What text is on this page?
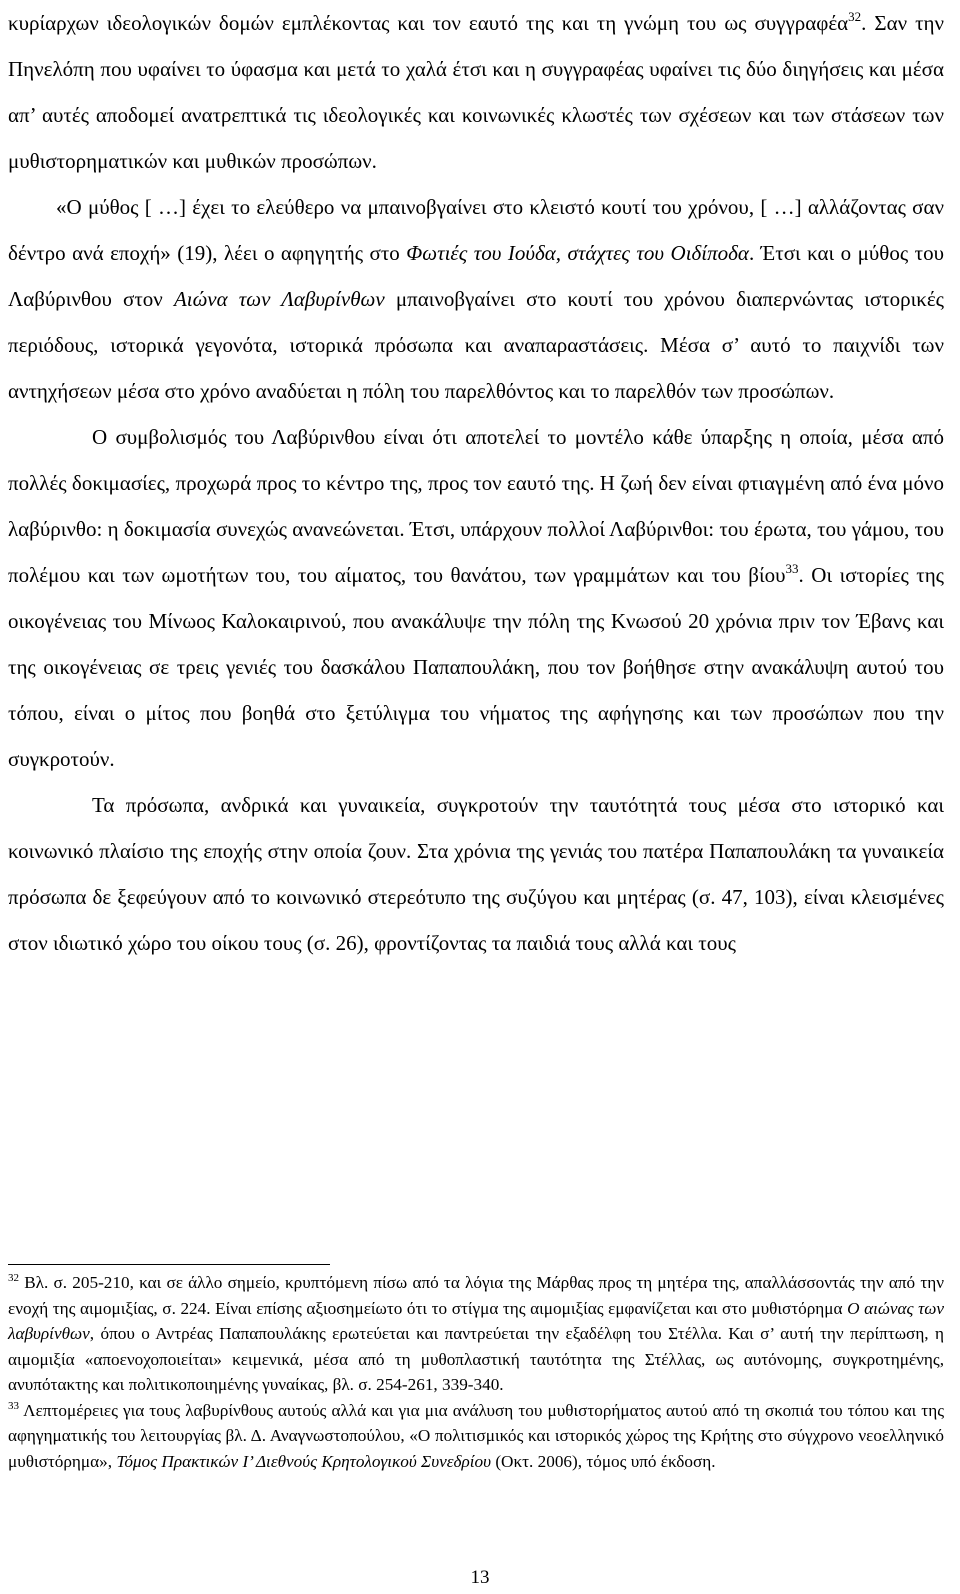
κυρίαρχων ιδεολογικών δομών εμπλέκοντας και τον εαυτό της και τη γνώμη του ως συγγραφέα$^{32}$. Σαν την Πηνελόπη που υφαίνει το ύφασμα και μετά το χαλά έτσι και η συγγραφέας υφαίνει τις δύο διηγήσεις και μέσα απ’ αυτές αποδομεί ανατρεπτικά τις ιδεολογικές και κοινωνικές κλωστές των σχέσεων και των στάσεων των μυθιστορηματικών και μυθικών προσώπων.

«Ο μύθος [ …] έχει το ελεύθερο να μπαινοβγαίνει στο κλειστό κουτί του χρόνου, [ …] αλλάζοντας σαν δέντρο ανά εποχή» (19), λέει ο αφηγητής στο Φωτιές του Ιούδα, στάχτες του Οιδίποδα. Έτσι και ο μύθος του Λαβύρινθου στον Αιώνα των Λαβυρίνθων μπαινοβγαίνει στο κουτί του χρόνου διαπερνώντας ιστορικές περιόδους, ιστορικά γεγονότα, ιστορικά πρόσωπα και αναπαραστάσεις. Μέσα σ’ αυτό το παιχνίδι των αντηχήσεων μέσα στο χρόνο αναδύεται η πόλη του παρελθόντος και το παρελθόν των προσώπων.

Ο συμβολισμός του Λαβύρινθου είναι ότι αποτελεί το μοντέλο κάθε ύπαρξης η οποία, μέσα από πολλές δοκιμασίες, προχωρά προς το κέντρο της, προς τον εαυτό της. Η ζωή δεν είναι φτιαγμένη από ένα μόνο λαβύρινθο: η δοκιμασία συνεχώς ανανεώνεται. Έτσι, υπάρχουν πολλοί Λαβύρινθοι: του έρωτα, του γάμου, του πολέμου και των ωμοτήτων του, του αίματος, του θανάτου, των γραμμάτων και του βίου$^{33}$. Οι ιστορίες της οικογένειας του Μίνωος Καλοκαιρινού, που ανακάλυψε την πόλη της Κνωσού 20 χρόνια πριν τον Έβανς και της οικογένειας σε τρεις γενιές του δασκάλου Παπαπουλάκη, που τον βοήθησε στην ανακάλυψη αυτού του τόπου, είναι ο μίτος που βοηθά στο ξετύλιγμα του νήματος της αφήγησης και των προσώπων που την συγκροτούν.

Τα πρόσωπα, ανδρικά και γυναικεία, συγκροτούν την ταυτότητά τους μέσα στο ιστορικό και κοινωνικό πλαίσιο της εποχής στην οποία ζουν. Στα χρόνια της γενιάς του πατέρα Παπαπουλάκη τα γυναικεία πρόσωπα δε ξεφεύγουν από το κοινωνικό στερεότυπο της συζύγου και μητέρας (σ. 47, 103), είναι κλεισμένες στον ιδιωτικό χώρο του οίκου τους (σ. 26), φροντίζοντας τα παιδιά τους αλλά και τους

$^{32}$ Βλ. σ. 205-210, και σε άλλο σημείο, κρυπτόμενη πίσω από τα λόγια της Μάρθας προς τη μητέρα της, απαλλάσσοντάς την από την ενοχή της αιμομιξίας, σ. 224. Είναι επίσης αξιοσημείωτο ότι το στίγμα της αιμομιξίας εμφανίζεται και στο μυθιστόρημα Ο αιώνας των λαβυρίνθων, όπου ο Αντρέας Παπαπουλάκης ερωτεύεται και παντρεύεται την εξαδέλφη του Στέλλα. Και σ’ αυτή την περίπτωση, η αιμομιξία «αποενοχοποιείται» κειμενικά, μέσα από τη μυθοπλαστική ταυτότητα της Στέλλας, ως αυτόνομης, συγκροτημένης, ανυπότακτης και πολιτικοποιημένης γυναίκας, βλ. σ. 254-261, 339-340.

$^{33}$ Λεπτομέρειες για τους λαβυρίνθους αυτούς αλλά και για μια ανάλυση του μυθιστορήματος αυτού από τη σκοπιά του τόπου και της αφηγηματικής του λειτουργίας βλ. Δ. Αναγνωστοπούλου, «Ο πολιτισμικός και ιστορικός χώρος της Κρήτης στο σύγχρονο νεοελληνικό μυθιστόρημα», Τόμος Πρακτικών Ι’ Διεθνούς Κρητολογικού Συνεδρίου (Οκτ. 2006), τόμος υπό έκδοση.

13
